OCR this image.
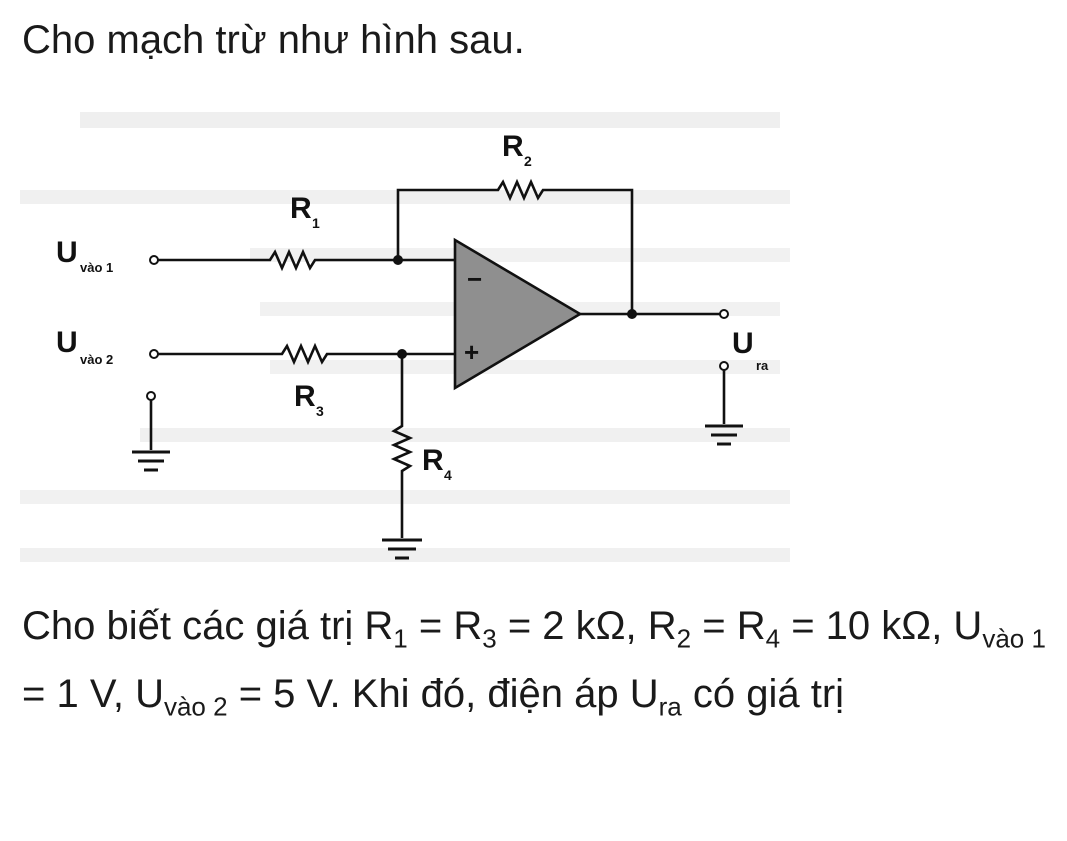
Cho mạch trừ như hình sau.

−
+
U vào 1
U
vào 2	U
ra
R 1
R 2
R 3
R 4

Cho biết các giá trị $R_1 = R_3 = 2$ kΩ, $R_2 = R_4 = 10$ kΩ, $U_{vào 1} = 1$ V, $U_{vào 2} = 5$ V. Khi đó, điện áp $U_{ra}$ có giá trị
